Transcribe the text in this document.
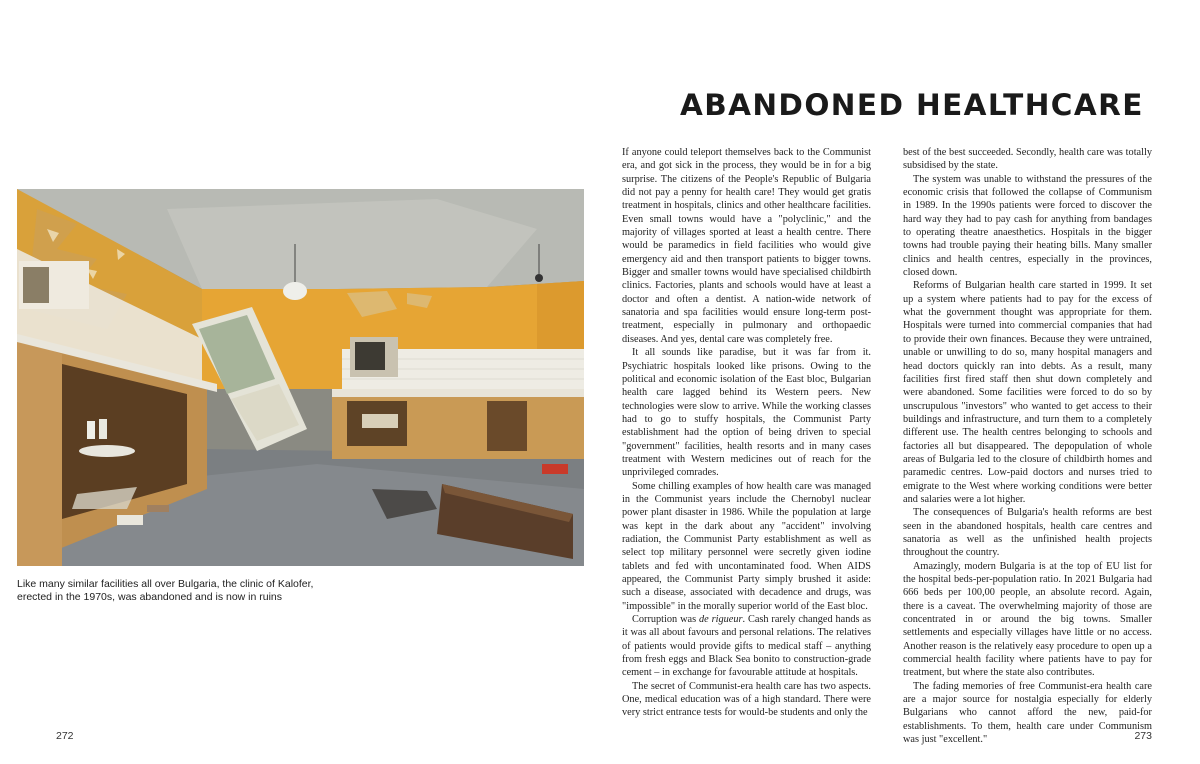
Like many similar facilities all over Bulgaria, the clinic of Kalofer, erected in the 1970s, was abandoned and is now in ruins

272
ABANDONED HEALTHCARE

If anyone could teleport themselves back to the Communist era, and got sick in the process, they would be in for a big surprise. The citizens of the People's Republic of Bulgaria did not pay a penny for health care! They would get gratis treatment in hospitals, clinics and other healthcare facilities. Even small towns would have a "polyclinic," and the majority of villages sported at least a health centre. There would be paramedics in field facilities who would give emergency aid and then transport patients to bigger towns. Bigger and smaller towns would have specialised childbirth clinics. Factories, plants and schools would have at least a doctor and often a dentist. A nation-wide network of sanatoria and spa facilities would ensure long-term post-treatment, especially in pulmonary and orthopaedic diseases. And yes, dental care was completely free.

It all sounds like paradise, but it was far from it. Psychiatric hospitals looked like prisons. Owing to the political and economic isolation of the East bloc, Bulgarian health care lagged behind its Western peers. New technologies were slow to arrive. While the working classes had to go to stuffy hospitals, the Communist Party establishment had the option of being driven to special "government" facilities, health resorts and in many cases treatment with Western medicines out of reach for the unprivileged comrades.

Some chilling examples of how health care was managed in the Communist years include the Chernobyl nuclear power plant disaster in 1986. While the population at large was kept in the dark about any "accident" involving radiation, the Communist Party establishment as well as select top military personnel were secretly given iodine tablets and fed with uncontaminated food. When AIDS appeared, the Communist Party simply brushed it aside: such a disease, associated with decadence and drugs, was "impossible" in the morally superior world of the East bloc.

Corruption was de rigueur. Cash rarely changed hands as it was all about favours and personal relations. The relatives of patients would provide gifts to medical staff – anything from fresh eggs and Black Sea bonito to construction-grade cement – in exchange for favourable attitude at hospitals.

The secret of Communist-era health care has two aspects. One, medical education was of a high standard. There were very strict entrance tests for would-be students and only the

best of the best succeeded. Secondly, health care was totally subsidised by the state.

The system was unable to withstand the pressures of the economic crisis that followed the collapse of Communism in 1989. In the 1990s patients were forced to discover the hard way they had to pay cash for anything from bandages to operating theatre anaesthetics. Hospitals in the bigger towns had trouble paying their heating bills. Many smaller clinics and health centres, especially in the provinces, closed down.

Reforms of Bulgarian health care started in 1999. It set up a system where patients had to pay for the excess of what the government thought was appropriate for them. Hospitals were turned into commercial companies that had to provide their own finances. Because they were untrained, unable or unwilling to do so, many hospital managers and head doctors quickly ran into debts. As a result, many facilities first fired staff then shut down completely and were abandoned. Some facilities were forced to do so by unscrupulous "investors" who wanted to get access to their buildings and infrastructure, and turn them to a completely different use. The health centres belonging to schools and factories all but disappeared. The depopulation of whole areas of Bulgaria led to the closure of childbirth homes and paramedic centres. Low-paid doctors and nurses tried to emigrate to the West where working conditions were better and salaries were a lot higher.

The consequences of Bulgaria's health reforms are best seen in the abandoned hospitals, health care centres and sanatoria as well as the unfinished health projects throughout the country.

Amazingly, modern Bulgaria is at the top of EU list for the hospital beds-per-population ratio. In 2021 Bulgaria had 666 beds per 100,00 people, an absolute record. Again, there is a caveat. The overwhelming majority of those are concentrated in or around the big towns. Smaller settlements and especially villages have little or no access. Another reason is the relatively easy procedure to open up a commercial health facility where patients have to pay for treatment, but where the state also contributes.

The fading memories of free Communist-era health care are a major source for nostalgia especially for elderly Bulgarians who cannot afford the new, paid-for establishments. To them, health care under Communism was just "excellent."	273
